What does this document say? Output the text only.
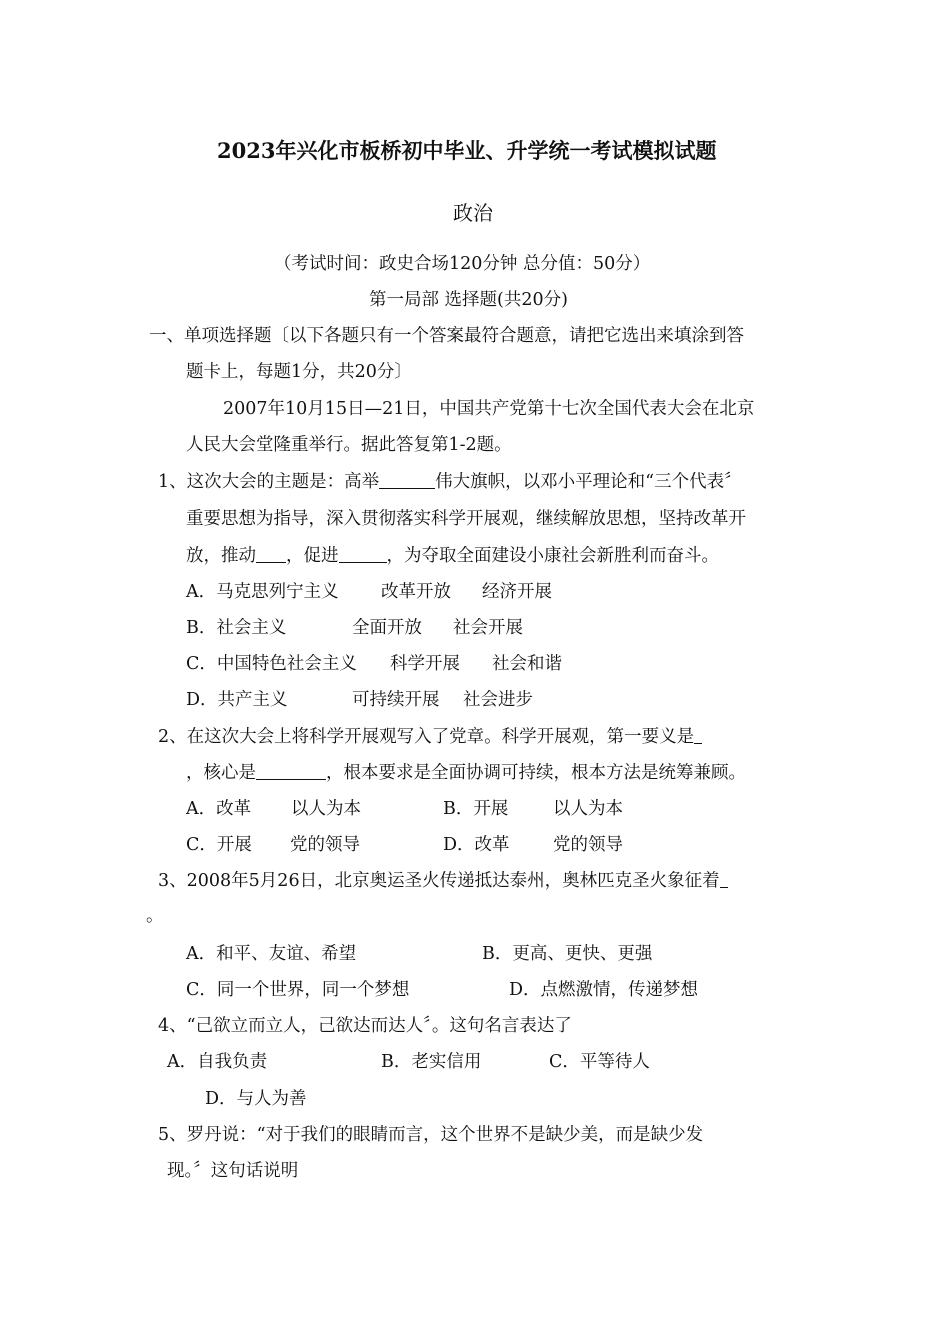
2023年兴化市板桥初中毕业、升学统一考试模拟试题
政治
（考试时间：政史合场120分钟 总分值：50分）
第一局部 选择题(共20分)
一、单项选择题〔以下各题只有一个答案最符合题意，请把它选出来填涂到答
题卡上，每题1分，共20分〕
2007年10月15日—21日，中国共产党第十七次全国代表大会在北京
人民大会堂隆重举行。据此答复第1-2题。
1、这次大会的主题是：高举	伟大旗帜，以邓小平理论和“三个代表〞
重要思想为指导，深入贯彻落实科学开展观，继续解放思想，坚持改革开
放，推动 ，促进	，为夺取全面建设小康社会新胜利而奋斗。
A．马克思列宁主义 改革开放 经济开展
B．社会主义	全面开放 社会开展
C．中国特色社会主义 科学开展 社会和谐
D．共产主义	可持续开展 社会进步
2、在这次大会上将科学开展观写入了党章。科学开展观，第一要义是
，核心是	，根本要求是全面协调可持续，根本方法是统筹兼顾。
A．改革 以人为本	B．开展	以人为本
C．开展 党的领导	D．改革 党的领导
3、2008年5月26日，北京奥运圣火传递抵达泰州，奥林匹克圣火象征着
。
A．和平、友谊、希望	B．更高、更快、更强
C．同一个世界，同一个梦想	D．点燃激情，传递梦想
4、“己欲立而立人，己欲达而达人〞。这句名言表达了
A．自我负责	B．老实信用	C．平等待人
D．与人为善
5、罗丹说：“对于我们的眼睛而言，这个世界不是缺少美，而是缺少发
现。〞这句话说明
